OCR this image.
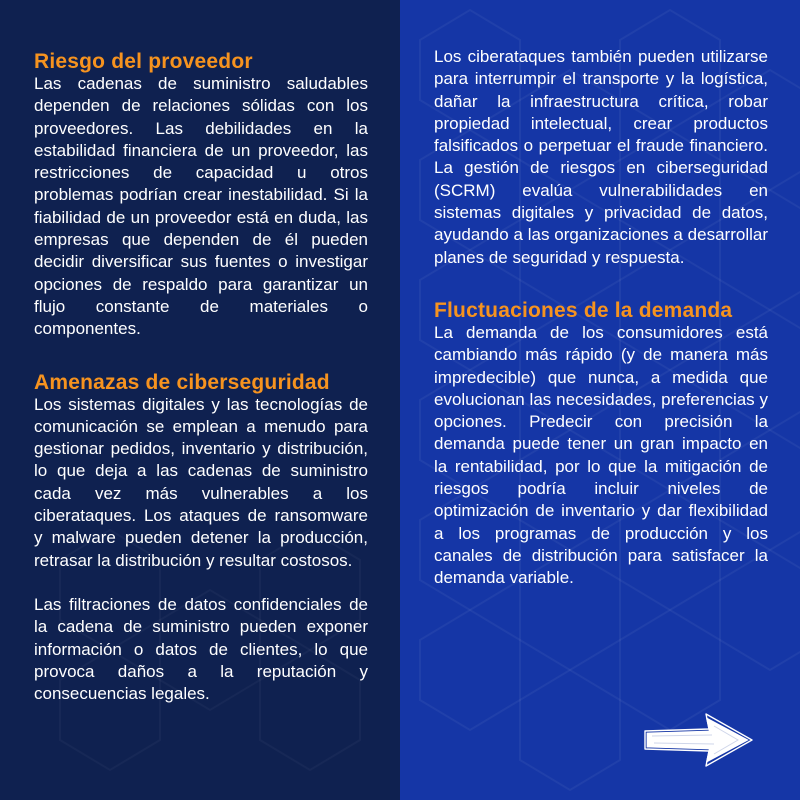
Riesgo del proveedor

Las cadenas de suministro saludables dependen de relaciones sólidas con los proveedores. Las debilidades en la estabilidad financiera de un proveedor, las restricciones de capacidad u otros problemas podrían crear inestabilidad. Si la fiabilidad de un proveedor está en duda, las empresas que dependen de él pueden decidir diversificar sus fuentes o investigar opciones de respaldo para garantizar un flujo constante de materiales o componentes.

Amenazas de ciberseguridad

Los sistemas digitales y las tecnologías de comunicación se emplean a menudo para gestionar pedidos, inventario y distribución, lo que deja a las cadenas de suministro cada vez más vulnerables a los ciberataques. Los ataques de ransomware y malware pueden detener la producción, retrasar la distribución y resultar costosos.

Las filtraciones de datos confidenciales de la cadena de suministro pueden exponer información o datos de clientes, lo que provoca daños a la reputación y consecuencias legales.

Los ciberataques también pueden utilizarse para interrumpir el transporte y la logística, dañar la infraestructura crítica, robar propiedad intelectual, crear productos falsificados o perpetuar el fraude financiero. La gestión de riesgos en ciberseguridad (SCRM) evalúa vulnerabilidades en sistemas digitales y privacidad de datos, ayudando a las organizaciones a desarrollar planes de seguridad y respuesta.

Fluctuaciones de la demanda

La demanda de los consumidores está cambiando más rápido (y de manera más impredecible) que nunca, a medida que evolucionan las necesidades, preferencias y opciones. Predecir con precisión la demanda puede tener un gran impacto en la rentabilidad, por lo que la mitigación de riesgos podría incluir niveles de optimización de inventario y dar flexibilidad a los programas de producción y los canales de distribución para satisfacer la demanda variable.
